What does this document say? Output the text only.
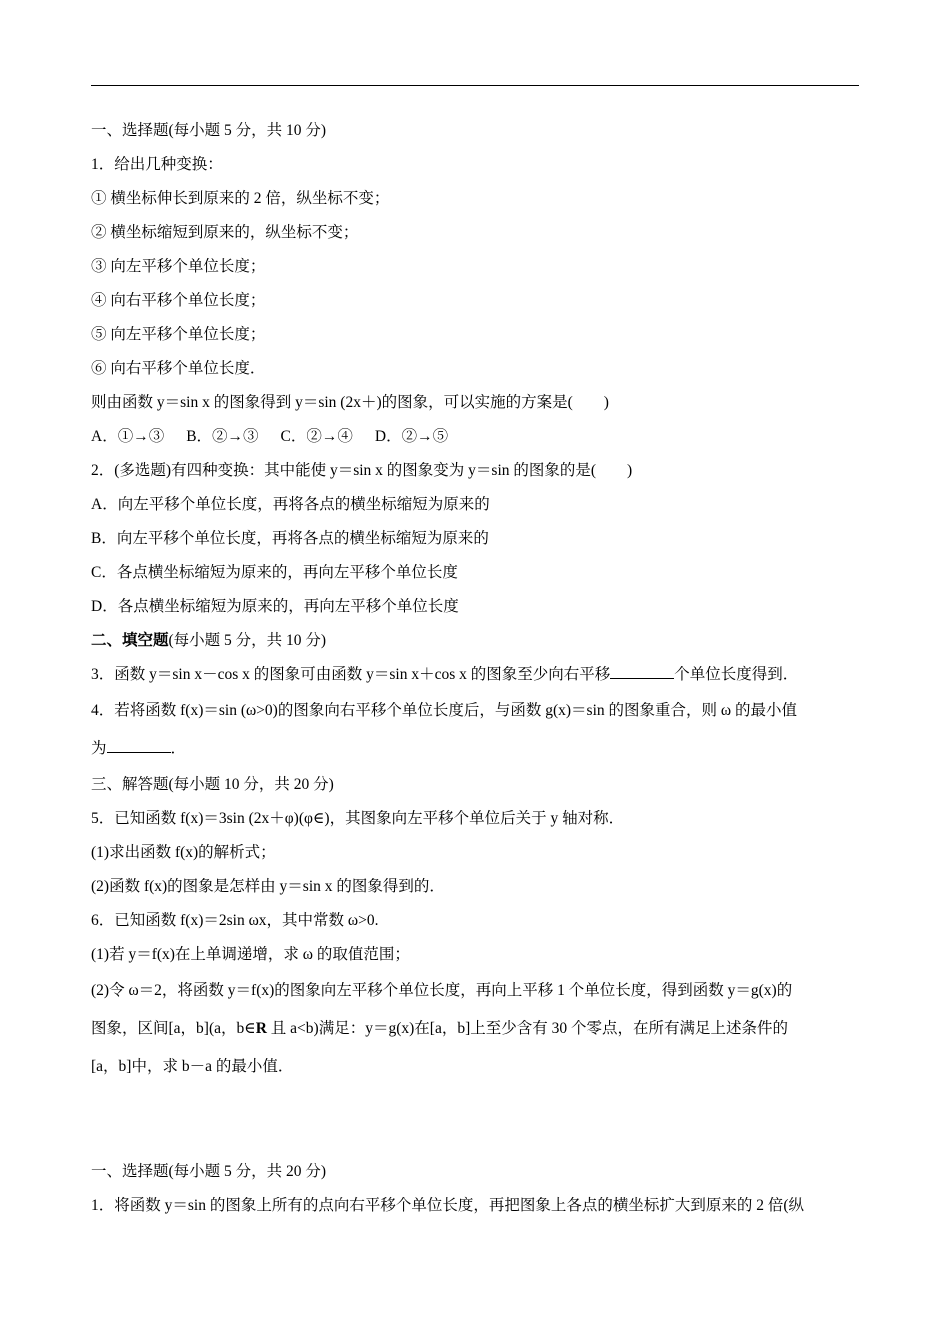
一、选择题(每小题 5 分，共 10 分)
1．给出几种变换：
① 横坐标伸长到原来的 2 倍，纵坐标不变；
② 横坐标缩短到原来的，纵坐标不变；
③ 向左平移个单位长度；
④ 向右平移个单位长度；
⑤ 向左平移个单位长度；
⑥ 向右平移个单位长度．
则由函数 y＝sin x 的图象得到 y＝sin (2x＋)的图象，可以实施的方案是(　　)
A．①→③ B．②→③ C．②→④ D．②→⑤
2．(多选题)有四种变换：其中能使 y＝sin x 的图象变为 y＝sin 的图象的是(　　)
A．向左平移个单位长度，再将各点的横坐标缩短为原来的
B．向左平移个单位长度，再将各点的横坐标缩短为原来的
C．各点横坐标缩短为原来的，再向左平移个单位长度
D．各点横坐标缩短为原来的，再向左平移个单位长度
二、填空题(每小题 5 分，共 10 分)
3．函数 y＝sin x－cos x 的图象可由函数 y＝sin x＋cos x 的图象至少向右平移	个单位长度得到．
4．若将函数 f(x)＝sin (ω>0)的图象向右平移个单位长度后，与函数 g(x)＝sin 的图象重合，则 ω 的最小值
为	．
三、解答题(每小题 10 分，共 20 分)
5．已知函数 f(x)＝3sin (2x＋φ)(φ∈)，其图象向左平移个单位后关于 y 轴对称．
(1)求出函数 f(x)的解析式；
(2)函数 f(x)的图象是怎样由 y＝sin x 的图象得到的．
6．已知函数 f(x)＝2sin ωx，其中常数 ω>0.
(1)若 y＝f(x)在上单调递增，求 ω 的取值范围；
(2)令 ω＝2，将函数 y＝f(x)的图象向左平移个单位长度，再向上平移 1 个单位长度，得到函数 y＝g(x)的
图象，区间[a，b](a，b∈R 且 a<b)满足：y＝g(x)在[a，b]上至少含有 30 个零点，在所有满足上述条件的
[a，b]中，求 b－a 的最小值．
一、选择题(每小题 5 分，共 20 分)
1．将函数 y＝sin 的图象上所有的点向右平移个单位长度，再把图象上各点的横坐标扩大到原来的 2 倍(纵
